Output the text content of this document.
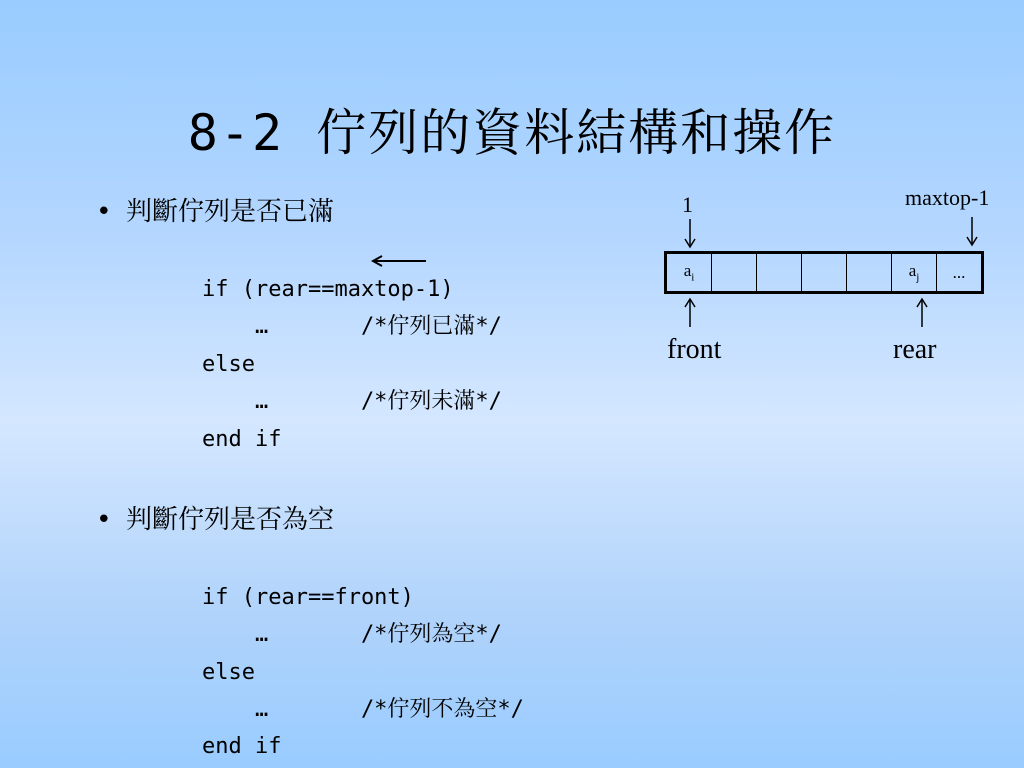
8-2 佇列的資料結構和操作
• 判斷佇列是否已滿
if (rear==maxtop-1)
…       /*佇列已滿*/
else
…       /*佇列未滿*/
end if
• 判斷佇列是否為空
if (rear==front)
…       /*佇列為空*/
else
…       /*佇列不為空*/
end if
1	maxtop-1
$a_i$					$a_j$	...
front	rear
